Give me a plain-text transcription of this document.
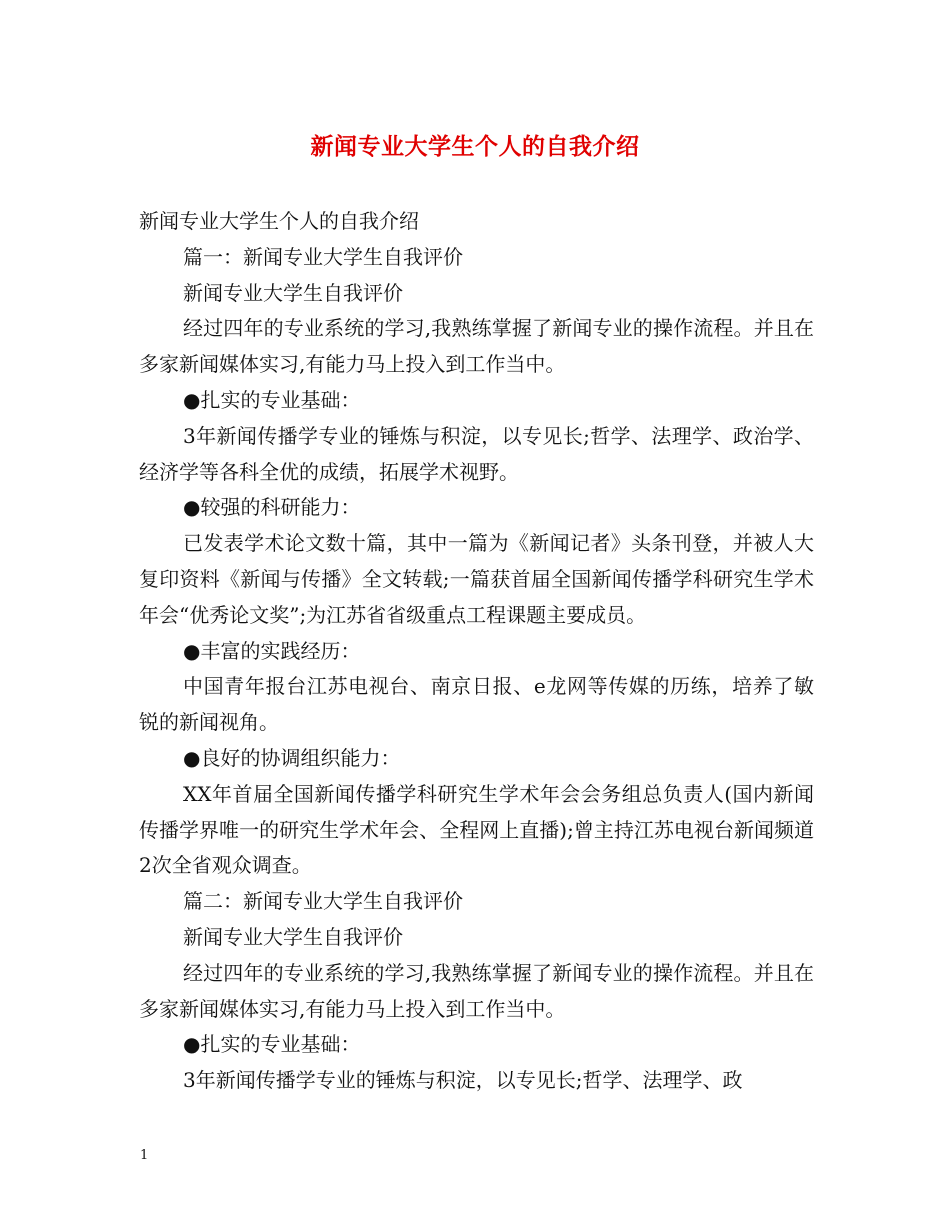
新闻专业大学生个人的自我介绍

新闻专业大学生个人的自我介绍

篇一：新闻专业大学生自我评价

新闻专业大学生自我评价

经过四年的专业系统的学习,我熟练掌握了新闻专业的操作流程。并且在多家新闻媒体实习,有能力马上投入到工作当中。

●扎实的专业基础：

3年新闻传播学专业的锤炼与积淀，以专见长;哲学、法理学、政治学、经济学等各科全优的成绩，拓展学术视野。

●较强的科研能力：

已发表学术论文数十篇，其中一篇为《新闻记者》头条刊登，并被人大复印资料《新闻与传播》全文转载;一篇获首届全国新闻传播学科研究生学术年会“优秀论文奖”;为江苏省省级重点工程课题主要成员。

●丰富的实践经历：

中国青年报台江苏电视台、南京日报、e龙网等传媒的历练，培养了敏锐的新闻视角。

●良好的协调组织能力：

XX年首届全国新闻传播学科研究生学术年会会务组总负责人(国内新闻传播学界唯一的研究生学术年会、全程网上直播);曾主持江苏电视台新闻频道2次全省观众调查。

篇二：新闻专业大学生自我评价

新闻专业大学生自我评价

经过四年的专业系统的学习,我熟练掌握了新闻专业的操作流程。并且在多家新闻媒体实习,有能力马上投入到工作当中。

●扎实的专业基础：

3年新闻传播学专业的锤炼与积淀，以专见长;哲学、法理学、政

1
